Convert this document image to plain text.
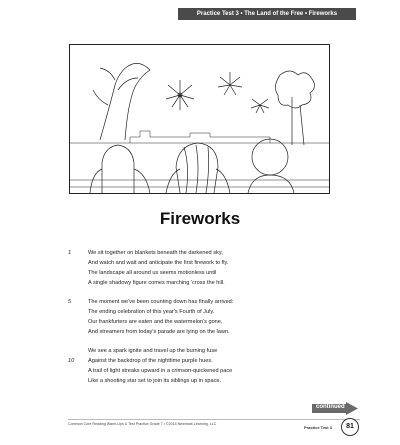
Practice Test 3 • The Land of the Free • Fireworks
Fireworks
1	We sit together on blankets beneath the darkened sky,
And watch and wait and anticipate the first firework to fly.
The landscape all around us seems motionless until
A single shadowy figure comes marching 'cross the hill.
5	The moment we've been counting down has finally arrived:
The ending celebration of this year's Fourth of July.
Our frankfurters are eaten and the watermelon's gone,
And streamers from today's parade are lying on the lawn.
We see a spark ignite and travel up the burning fuse
10 Against the backdrop of the nighttime purple hues.
A trail of light streaks upward in a crimson-quickened pace
Like a shooting star set to join its siblings up in space.
continued
Common Core Reading Warm-Ups & Test Practice Grade 7 • ©2014 Newmark Learning, LLC
Practice Test 3	81
